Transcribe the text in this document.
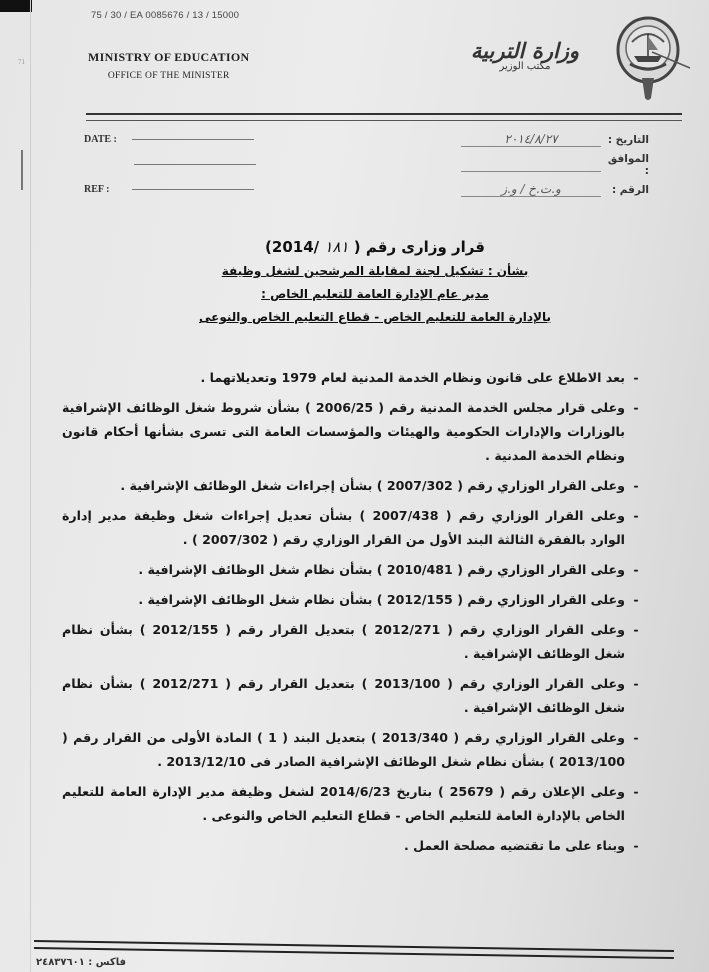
71
75 / 30 / EA 0085676 / 13 / 15000
MINISTRY OF EDUCATION
OFFICE OF THE MINISTER
وزارة التربية
مكتب الوزير
DATE :
REF :
التاريخ :
٢٠١٤/٨/٢٧
الموافق :
الرقم :
و.ت.خ / و.ز
قرار وزارى رقم ( ١٨١ /2014)
بشأن : تشكيل لجنة لمقابلة المرشحين لشغل وظيفة
مدير عام الإدارة العامة للتعليم الخاص :
بالإدارة العامة للتعليم الخاص - قطاع التعليم الخاص والنوعى
-
بعد الاطلاع على قانون ونظام الخدمة المدنية لعام 1979 وتعديلاتهما .
-
وعلى قرار مجلس الخدمة المدنية رقم ( 2006/25 ) بشأن شروط شغل الوظائف الإشرافية بالوزارات والإدارات الحكومية والهيئات والمؤسسات العامة التى تسرى بشأنها أحكام قانون ونظام الخدمة المدنية .
-
وعلى القرار الوزاري رقم ( 2007/302 ) بشأن إجراءات شغل الوظائف الإشرافية .
-
وعلى القرار الوزاري رقم ( 2007/438 ) بشأن تعديل إجراءات شغل وظيفة مدير إدارة الوارد بالفقرة الثالثة البند الأول من القرار الوزاري رقم ( 2007/302 ) .
-
وعلى القرار الوزاري رقم ( 2010/481 ) بشأن نظام شغل الوظائف الإشرافية .
-
وعلى القرار الوزاري رقم ( 2012/155 ) بشأن نظام شغل الوظائف الإشرافية .
-
وعلى القرار الوزاري رقم ( 2012/271 ) بتعديل القرار رقم ( 2012/155 ) بشأن نظام شغل الوظائف الإشرافية .
-
وعلى القرار الوزاري رقم ( 2013/100 ) بتعديل القرار رقم ( 2012/271 ) بشأن نظام شغل الوظائف الإشرافية .
-
وعلى القرار الوزاري رقم ( 2013/340 ) بتعديل البند ( 1 ) المادة الأولى من القرار رقم ( 2013/100 ) بشأن نظام شغل الوظائف الإشرافية الصادر فى 2013/12/10 .
-
وعلى الإعلان رقم ( 25679 ) بتاريخ 2014/6/23 لشغل وظيفة مدير الإدارة العامة للتعليم الخاص بالإدارة العامة للتعليم الخاص - قطاع التعليم الخاص والنوعى .
-
وبناء على ما تقتضيه مصلحة العمل .
فاكس : ٢٤٨٣٧٦٠١
